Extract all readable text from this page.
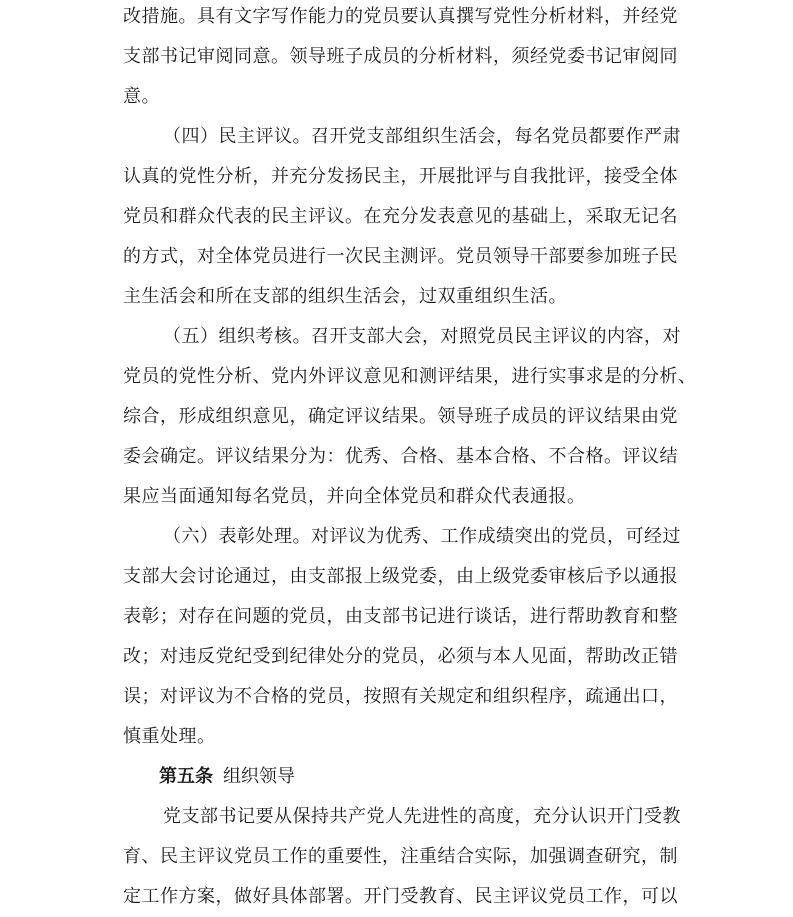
改措施。具有文字写作能力的党员要认真撰写党性分析材料，并经党
支部书记审阅同意。领导班子成员的分析材料，须经党委书记审阅同
意。
（四）民主评议。召开党支部组织生活会，每名党员都要作严肃
认真的党性分析，并充分发扬民主，开展批评与自我批评，接受全体
党员和群众代表的民主评议。在充分发表意见的基础上，采取无记名
的方式，对全体党员进行一次民主测评。党员领导干部要参加班子民
主生活会和所在支部的组织生活会，过双重组织生活。
（五）组织考核。召开支部大会，对照党员民主评议的内容，对
党员的党性分析、党内外评议意见和测评结果，进行实事求是的分析、
综合，形成组织意见，确定评议结果。领导班子成员的评议结果由党
委会确定。评议结果分为：优秀、合格、基本合格、不合格。评议结
果应当面通知每名党员，并向全体党员和群众代表通报。
（六）表彰处理。对评议为优秀、工作成绩突出的党员，可经过
支部大会讨论通过，由支部报上级党委，由上级党委审核后予以通报
表彰；对存在问题的党员，由支部书记进行谈话，进行帮助教育和整
改；对违反党纪受到纪律处分的党员，必须与本人见面，帮助改正错
误；对评议为不合格的党员，按照有关规定和组织程序，疏通出口，
慎重处理。
第五条 组织领导
党支部书记要从保持共产党人先进性的高度，充分认识开门受教
育、民主评议党员工作的重要性，注重结合实际，加强调查研究，制
定工作方案，做好具体部署。开门受教育、民主评议党员工作，可以
